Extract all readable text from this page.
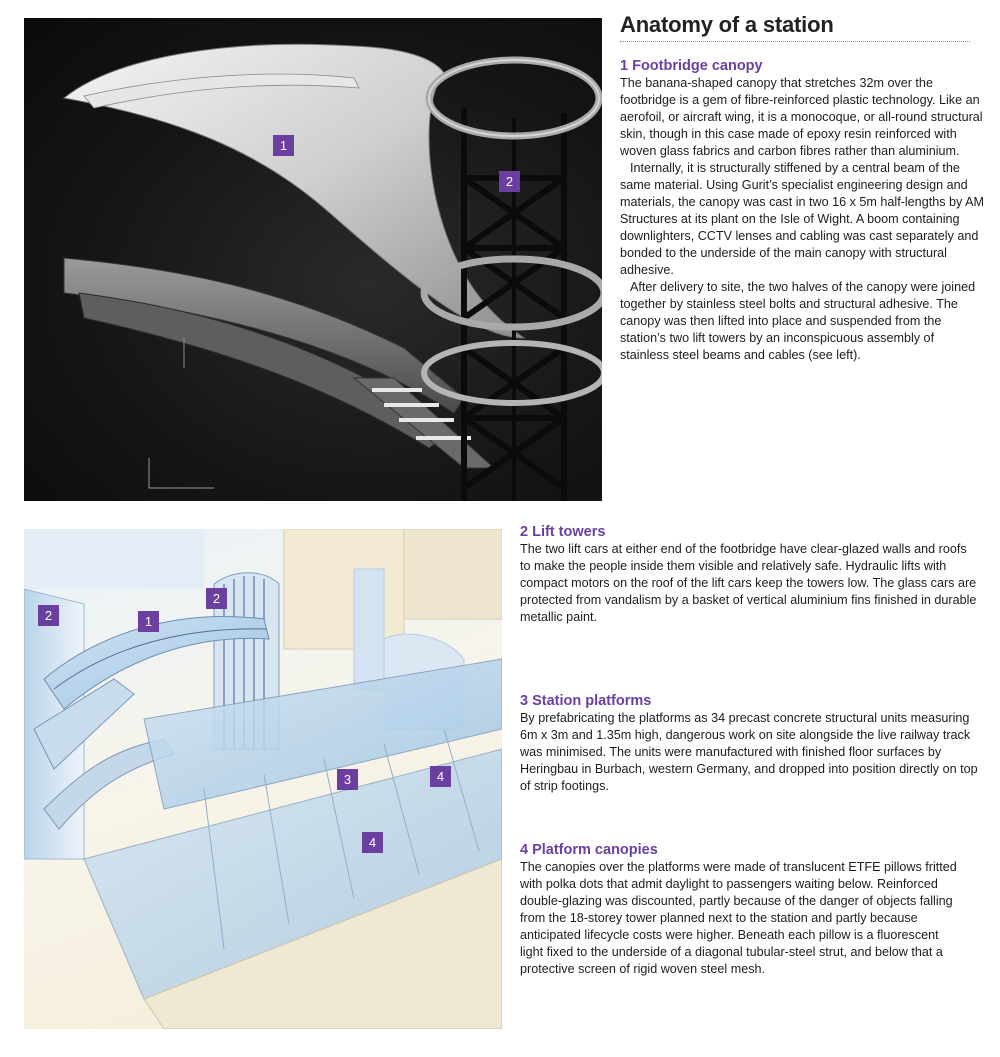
1
2
2	1
2
3	4
4
Anatomy of a station
1 Footbridge canopy

The banana-shaped canopy that stretches 32m over the footbridge is a gem of fibre-reinforced plastic technology. Like an aerofoil, or aircraft wing, it is a monocoque, or all-round structural skin, though in this case made of epoxy resin reinforced with woven glass fabrics and carbon fibres rather than aluminium.

Internally, it is structurally stiffened by a central beam of the same material. Using Gurit’s specialist engineering design and materials, the canopy was cast in two 16 x 5m half-lengths by AM Structures at its plant on the Isle of Wight. A boom containing downlighters, CCTV lenses and cabling was cast separately and bonded to the underside of the main canopy with structural adhesive.

After delivery to site, the two halves of the canopy were joined together by stainless steel bolts and structural adhesive. The canopy was then lifted into place and suspended from the station’s two lift towers by an inconspicuous assembly of stainless steel beams and cables (see left).

2 Lift towers

The two lift cars at either end of the footbridge have clear-glazed walls and roofs to make the people inside them visible and relatively safe. Hydraulic lifts with compact motors on the roof of the lift cars keep the towers low. The glass cars are protected from vandalism by a basket of vertical aluminium fins finished in durable metallic paint.

3 Station platforms

By prefabricating the platforms as 34 precast concrete structural units measuring 6m x 3m and 1.35m high, dangerous work on site alongside the live railway track was minimised. The units were manufactured with finished floor surfaces by Heringbau in Burbach, western Germany, and dropped into position directly on top of strip footings.

4 Platform canopies

The canopies over the platforms were made of translucent ETFE pillows fritted with polka dots that admit daylight to passengers waiting below. Reinforced double-glazing was discounted, partly because of the danger of objects falling from the 18-storey tower planned next to the station and partly because anticipated lifecycle costs were higher. Beneath each pillow is a fluorescent light fixed to the underside of a diagonal tubular-steel strut, and below that a protective screen of rigid woven steel mesh.
